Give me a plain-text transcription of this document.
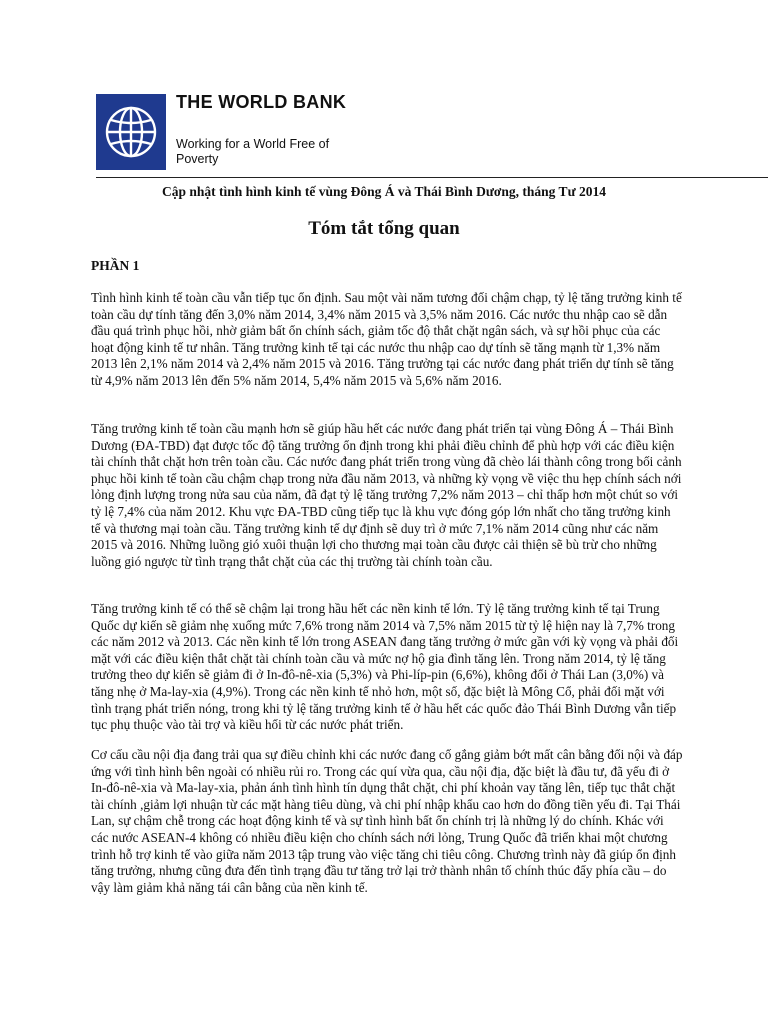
THE WORLD BANK
Working for a World Free of Poverty
Cập nhật tình hình kinh tế vùng Đông Á và Thái Bình Dương, tháng Tư 2014
Tóm tắt tổng quan
PHẦN 1

Tình hình kinh tế toàn cầu vẫn tiếp tục ổn định. Sau một vài năm tương đối chậm chạp, tỷ lệ tăng trưởng kinh tế toàn cầu dự tính tăng đến 3,0% năm 2014, 3,4% năm 2015 và 3,5% năm 2016. Các nước thu nhập cao sẽ dẫn đầu quá trình phục hồi, nhờ giảm bất ổn chính sách, giảm tốc độ thắt chặt ngân sách, và sự hồi phục của các hoạt động kinh tế tư nhân. Tăng trưởng kinh tế tại các nước thu nhập cao dự tính sẽ tăng mạnh từ 1,3% năm 2013 lên 2,1% năm 2014 và 2,4% năm 2015 và 2016. Tăng trưởng tại các nước đang phát triển dự tính sẽ tăng từ 4,9% năm 2013 lên đến 5% năm 2014, 5,4% năm 2015 và 5,6% năm 2016.

Tăng trưởng kinh tế toàn cầu mạnh hơn sẽ giúp hầu hết các nước đang phát triển tại vùng Đông Á – Thái Bình Dương (ĐA-TBD) đạt được tốc độ tăng trưởng ổn định trong khi phải điều chỉnh để phù hợp với các điều kiện tài chính thắt chặt hơn trên toàn cầu. Các nước đang phát triển trong vùng đã chèo lái thành công trong bối cảnh phục hồi kinh tế toàn cầu chậm chạp trong nửa đầu năm 2013, và những kỳ vọng về việc thu hẹp chính sách nới lỏng định lượng trong nửa sau của năm, đã đạt tỷ lệ tăng trưởng 7,2% năm 2013 – chỉ thấp hơn một chút so với tỷ lệ 7,4% của năm 2012. Khu vực ĐA-TBD cũng tiếp tục là khu vực đóng góp lớn nhất cho tăng trưởng kinh tế và thương mại toàn cầu. Tăng trưởng kinh tế dự định sẽ duy trì ở mức 7,1% năm 2014 cũng như các năm 2015 và 2016. Những luồng gió xuôi thuận lợi cho thương mại toàn cầu được cải thiện sẽ bù trừ cho những luồng gió ngược từ tình trạng thắt chặt của các thị trường tài chính toàn cầu.

Tăng trưởng kinh tế có thể sẽ chậm lại trong hầu hết các nền kinh tế lớn. Tỷ lệ tăng trưởng kinh tế tại Trung Quốc dự kiến sẽ giảm nhẹ xuống mức 7,6% trong năm 2014 và 7,5% năm 2015 từ tỷ lệ hiện nay là 7,7% trong các năm 2012 và 2013. Các nền kinh tế lớn trong ASEAN đang tăng trưởng ở mức gần với kỳ vọng và phải đối mặt với các điều kiện thắt chặt tài chính toàn cầu và mức nợ hộ gia đình tăng lên. Trong năm 2014, tỷ lệ tăng trưởng theo dự kiến sẽ giảm đi ở In-đô-nê-xia (5,3%) và Phi-líp-pin (6,6%), không đổi ở Thái Lan (3,0%) và tăng nhẹ ở Ma-lay-xia (4,9%). Trong các nền kinh tế nhỏ hơn, một số, đặc biệt là Mông Cổ, phải đối mặt với tình trạng phát triển nóng, trong khi tỷ lệ tăng trưởng kinh tế ở hầu hết các quốc đảo Thái Bình Dương vẫn tiếp tục phụ thuộc vào tài trợ và kiều hối từ các nước phát triển.

Cơ cấu cầu nội địa đang trải qua sự điều chỉnh khi các nước đang cố gắng giảm bớt mất cân bằng đối nội và đáp ứng với tình hình bên ngoài có nhiều rủi ro. Trong các quí vừa qua, cầu nội địa, đặc biệt là đầu tư, đã yếu đi ở In-đô-nê-xia và Ma-lay-xia, phản ánh tình hình tín dụng thắt chặt, chi phí khoản vay tăng lên, tiếp tục thắt chặt tài chính ,giảm lợi nhuận từ các mặt hàng tiêu dùng, và chi phí nhập khẩu cao hơn do đồng tiền yếu đi. Tại Thái Lan, sự chậm chễ trong các hoạt động kinh tế và sự tình hình bất ổn chính trị là những lý do chính. Khác với các nước ASEAN-4 không có nhiều điều kiện cho chính sách nới lỏng, Trung Quốc đã triển khai một chương trình hỗ trợ kinh tế vào giữa năm 2013 tập trung vào việc tăng chi tiêu công. Chương trình này đã giúp ổn định tăng trưởng, nhưng cũng đưa đến tình trạng đầu tư tăng trở lại trở thành nhân tố chính thúc đẩy phía cầu – do vậy làm giảm khả năng tái cân bằng của nền kinh tế.
